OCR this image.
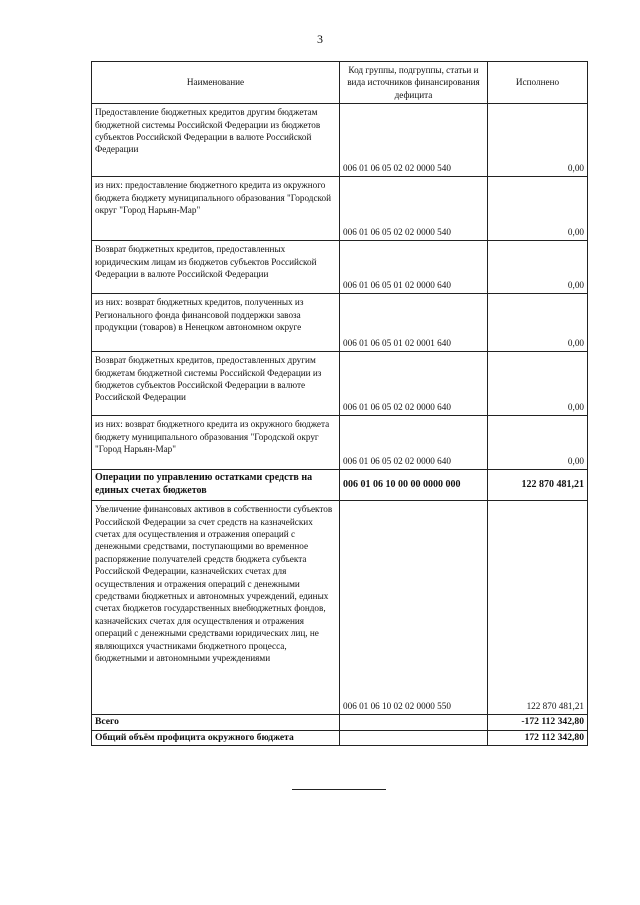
3
Наименование	Код группы, подгруппы, статьи и вида источников финансирования дефицита	Исполнено
Предоставление бюджетных кредитов другим бюджетам бюджетной системы Российской Федерации из бюджетов субъектов Российской Федерации в валюте Российской Федерации	006 01 06 05 02 02 0000 540	0,00
из них: предоставление бюджетного кредита из окружного бюджета бюджету муниципального образования "Городской округ "Город Нарьян-Мар"	006 01 06 05 02 02 0000 540	0,00
Возврат бюджетных кредитов, предоставленных юридическим лицам из бюджетов субъектов Российской Федерации в валюте Российской Федерации	006 01 06 05 01 02 0000 640	0,00
из них: возврат бюджетных кредитов, полученных из Регионального фонда финансовой поддержки завоза продукции (товаров) в Ненецком автономном округе	006 01 06 05 01 02 0001 640	0,00
Возврат бюджетных кредитов, предоставленных другим бюджетам бюджетной системы Российской Федерации из бюджетов субъектов Российской Федерации в валюте Российской Федерации	006 01 06 05 02 02 0000 640	0,00
из них: возврат бюджетного кредита из окружного бюджета бюджету муниципального образования "Городской округ "Город Нарьян-Мар"	006 01 06 05 02 02 0000 640	0,00
Операции по управлению остатками средств на единых счетах бюджетов	006 01 06 10 00 00 0000 000	122 870 481,21
Увеличение финансовых активов в собственности субъектов Российской Федерации за счет средств на казначейских счетах для осуществления и отражения операций с денежными средствами, поступающими во временное распоряжение получателей средств бюджета субъекта Российской Федерации, казначейских счетах для осуществления и отражения операций с денежными средствами бюджетных и автономных учреждений, единых счетах бюджетов государственных внебюджетных фондов, казначейских счетах для осуществления и отражения операций с денежными средствами юридических лиц, не являющихся участниками бюджетного процесса, бюджетными и автономными учреждениями	006 01 06 10 02 02 0000 550	122 870 481,21
Всего		-172 112 342,80
Общий объём профицита окружного бюджета		172 112 342,80
